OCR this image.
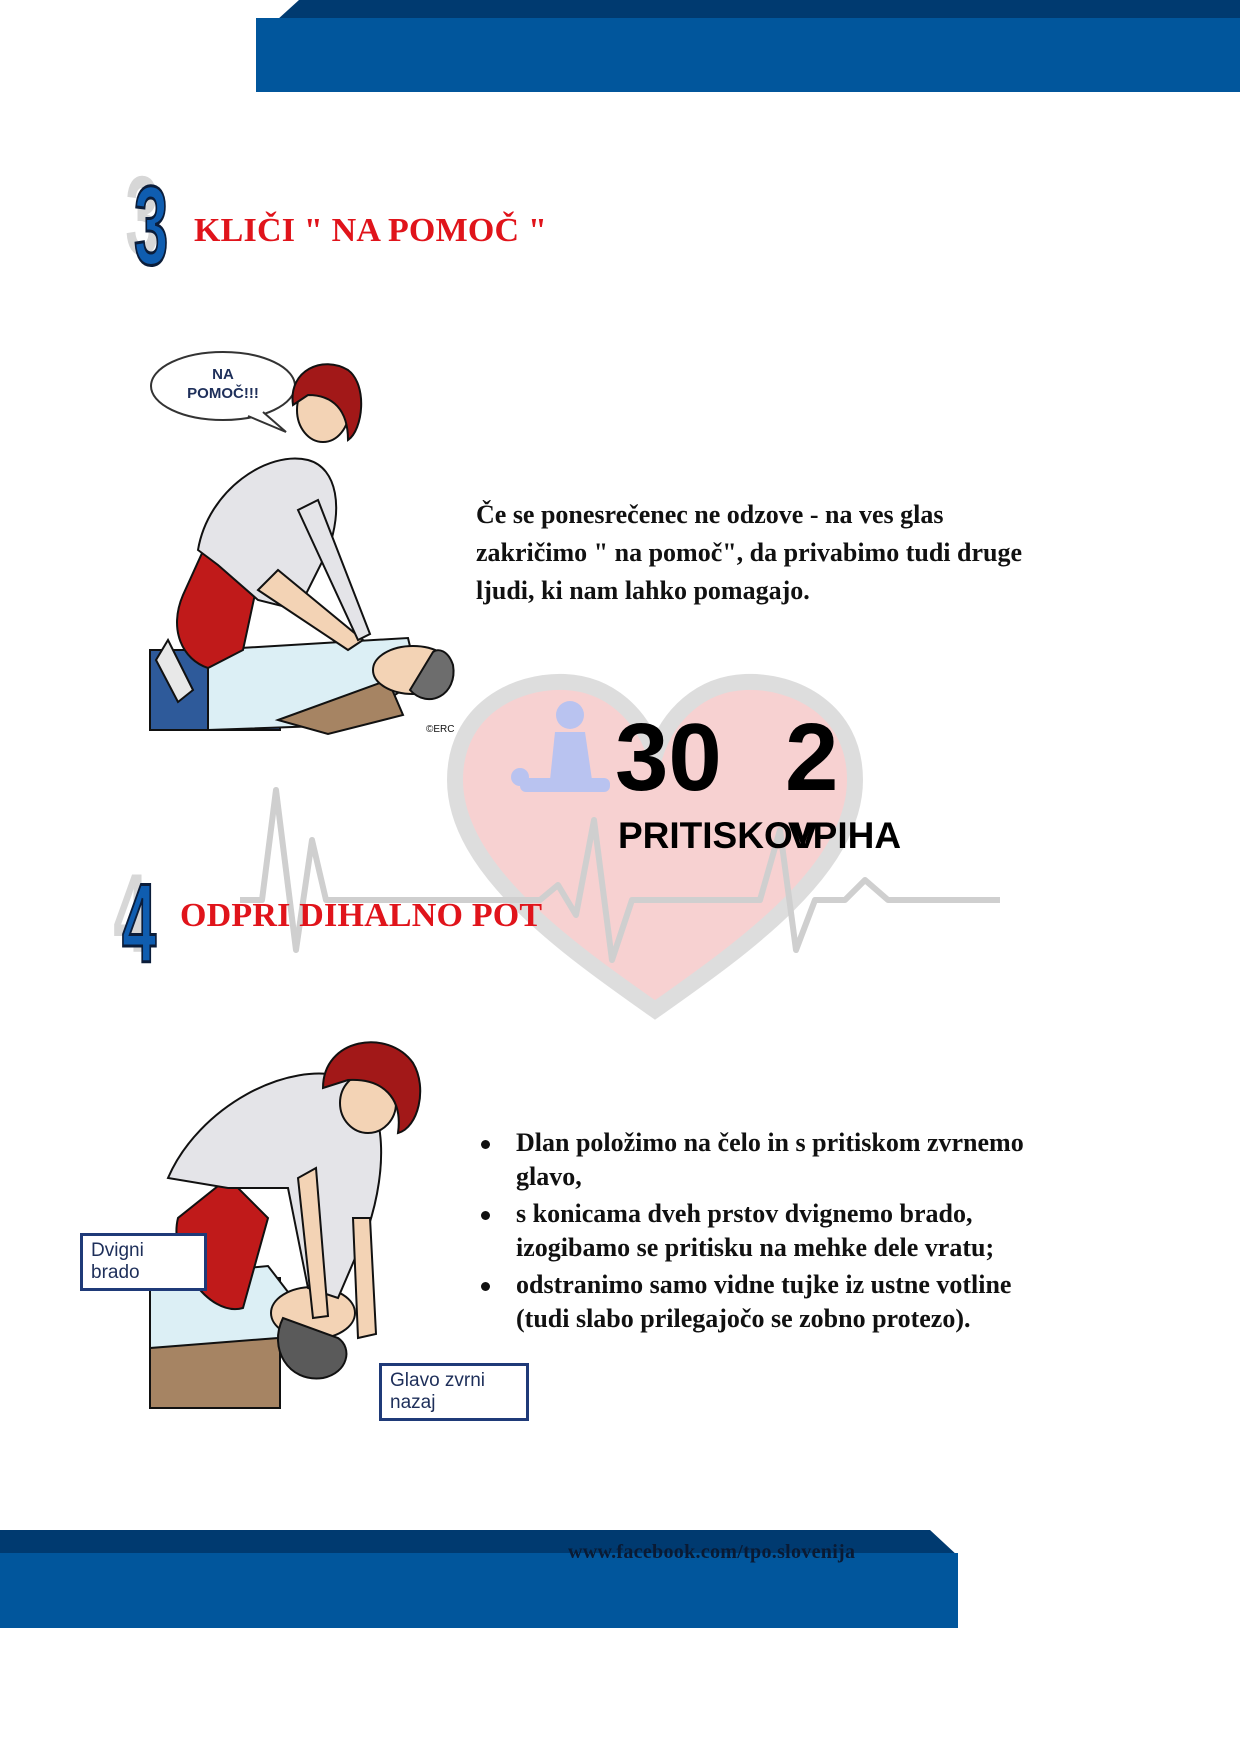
30
PRITISKOV
2
VPIHA
3 KLIČI " NA POMOČ "
NA
POMOČ!!!
©ERC
Če se ponesrečenec ne odzove - na ves glas
zakričimo " na pomoč", da privabimo tudi druge
ljudi, ki nam lahko pomagajo.
4 ODPRI DIHALNO POT
Dvigni brado
Glavo zvrni
nazaj
Dlan položimo na čelo in s pritiskom zvrnemo
glavo,
s konicama dveh prstov dvignemo brado,
izogibamo se pritisku na mehke dele vratu;
odstranimo samo vidne tujke iz ustne votline
(tudi slabo prilegajočo se zobno protezo).
www.facebook.com/tpo.slovenija
